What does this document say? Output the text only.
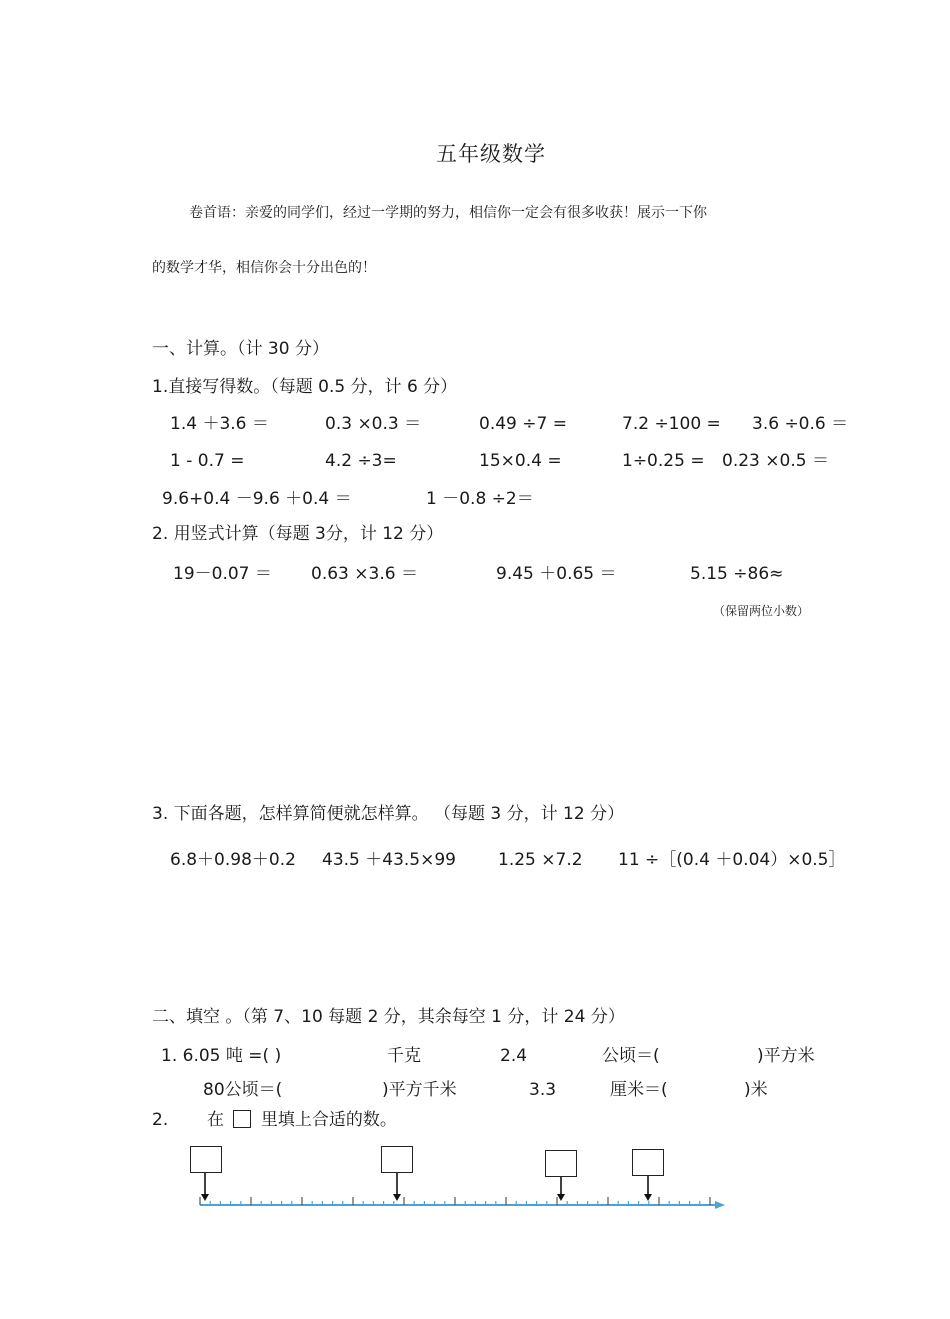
五年级数学
卷首语：亲爱的同学们，经过一学期的努力，相信你一定会有很多收获！展示一下你
的数学才华，相信你会十分出色的！
一、计算。（计 30 分）
1.直接写得数。（每题 0.5 分，计 6 分）
1.4 ＋3.6 ＝	0.3 ×0.3 ＝	0.49 ÷7 =	7.2 ÷100 = 3.6 ÷0.6 ＝
1 - 0.7 =	4.2 ÷3=	15×0.4 =	1÷0.25 = 0.23 ×0.5 ＝
9.6+0.4 －9.6 ＋0.4 ＝	1 －0.8 ÷2＝
2. 用竖式计算（每题 3分，计 12 分）
19－0.07 ＝ 0.63 ×3.6 ＝	9.45 ＋0.65 ＝	5.15 ÷86≈
（保留两位小数）
3. 下面各题，怎样算简便就怎样算。 （每题 3 分，计 12 分）
6.8＋0.98＋0.2 43.5 ＋43.5×99 1.25 ×7.2 11 ÷［(0.4 ＋0.04）×0.5］
二、填空 。（第 7、10 每题 2 分，其余每空 1 分，计 24 分）
1. 6.05 吨 =( )	千克	2.4	公顷＝(	)平方米
80公顷＝(	)平方千米	3.3	厘米＝(	)米
2. 在 里填上合适的数。
